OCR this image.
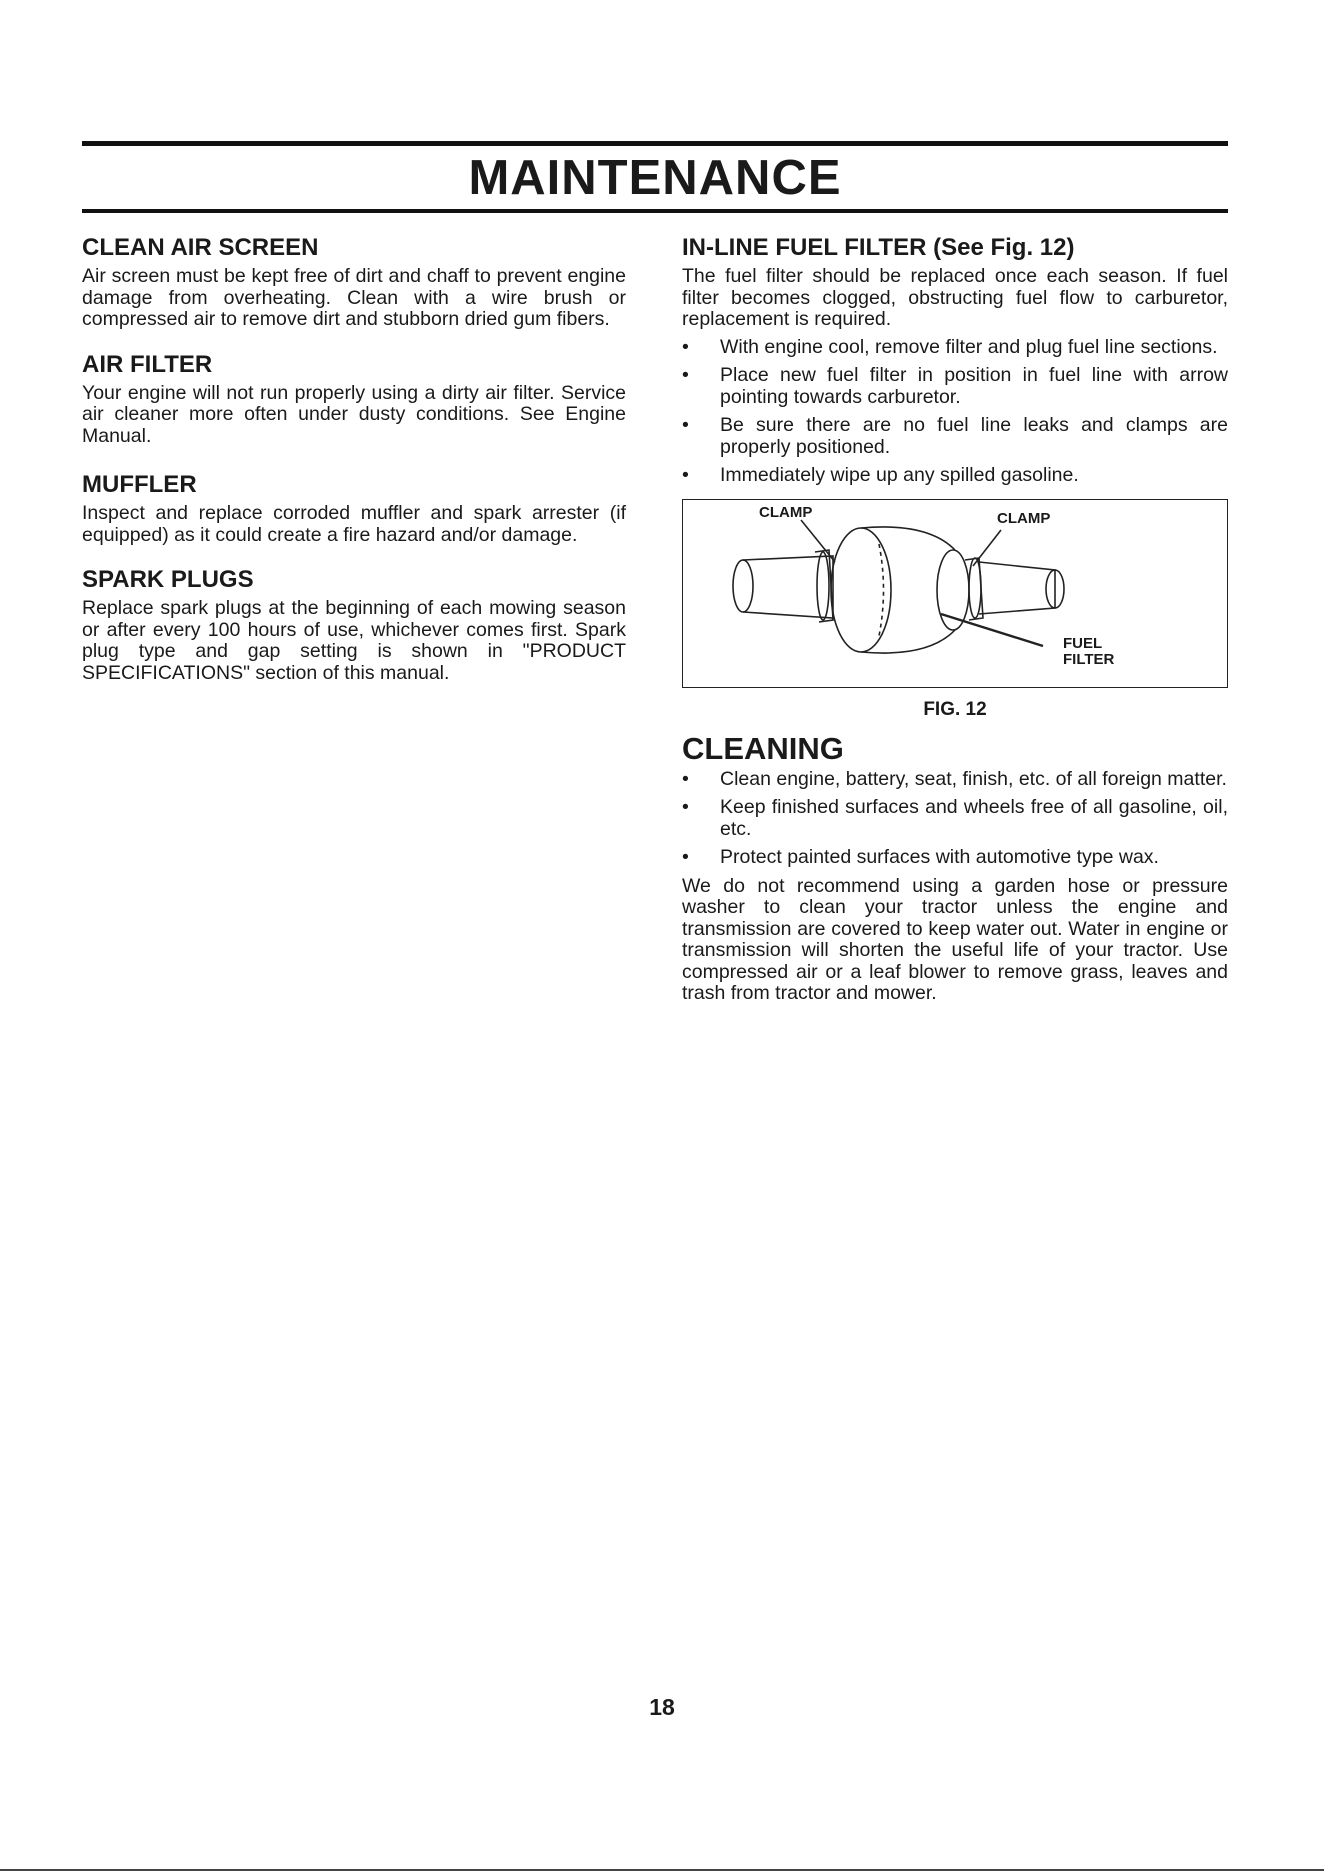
MAINTENANCE
CLEAN AIR SCREEN

Air screen must be kept free of dirt and chaff to prevent engine damage from overheating. Clean with a wire brush or compressed air to remove dirt and stubborn dried gum fibers.

AIR FILTER

Your engine will not run properly using a dirty air filter. Service air cleaner more often under dusty conditions. See Engine Manual.

MUFFLER

Inspect and replace corroded muffler and spark arrester (if equipped) as it could create a fire hazard and/or damage.

SPARK PLUGS

Replace spark plugs at the beginning of each mowing season or after every 100 hours of use, whichever comes first. Spark plug type and gap setting is shown in "PRODUCT SPECIFICATIONS" section of this manual.

IN-LINE FUEL FILTER (See Fig. 12)

The fuel filter should be replaced once each season. If fuel filter becomes clogged, obstructing fuel flow to carburetor, replacement is required.

• With engine cool, remove filter and plug fuel line sections.
• Place new fuel filter in position in fuel line with arrow pointing towards carburetor.
• Be sure there are no fuel line leaks and clamps are properly positioned.
• Immediately wipe up any spilled gasoline.
CLAMP	CLAMP
FUEL
FILTER
FIG. 12
CLEANING
• Clean engine, battery, seat, finish, etc. of all foreign matter.
• Keep finished surfaces and wheels free of all gasoline, oil, etc.
• Protect painted surfaces with automotive type wax.

We do not recommend using a garden hose or pressure washer to clean your tractor unless the engine and transmission are covered to keep water out. Water in engine or transmission will shorten the useful life of your tractor. Use compressed air or a leaf blower to remove grass, leaves and trash from tractor and mower.

18
